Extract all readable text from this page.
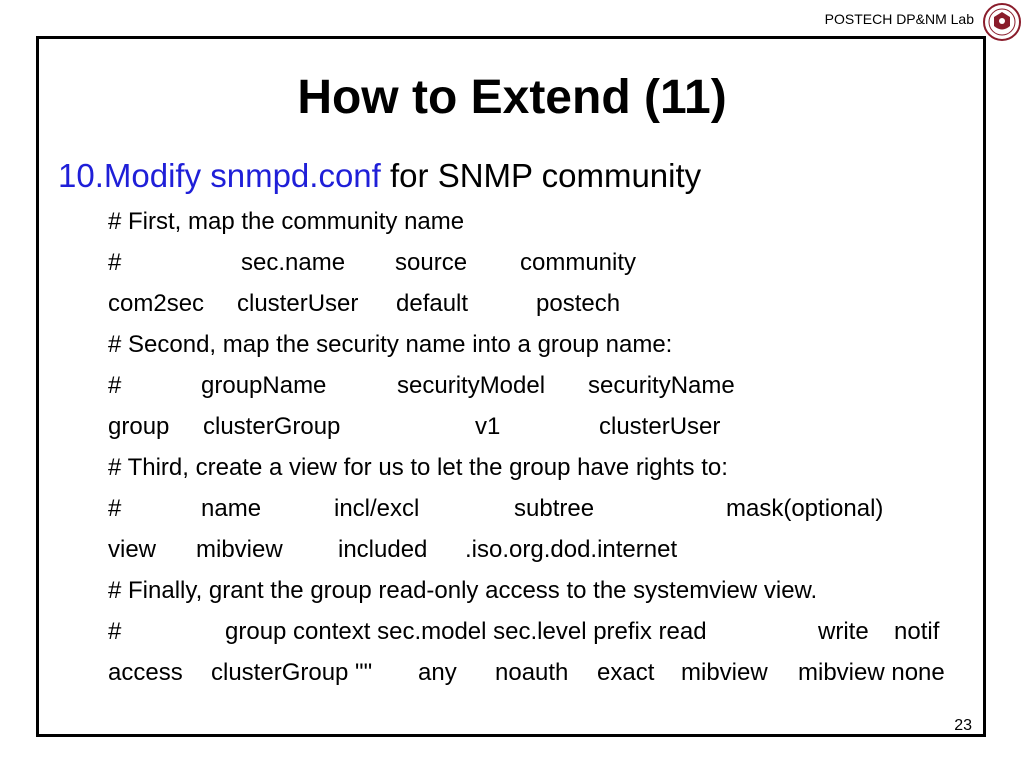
POSTECH DP&NM Lab
How to Extend (11)
10.Modify snmpd.conf for SNMP community
# First, map the community name
#	sec.name source community
com2sec clusterUser default	postech
# Second, map the security name into a group name:
#	groupName	securityModel securityName
group clusterGroup	v1	clusterUser
# Third, create a view for us to let the group have rights to:
#	name	incl/excl	subtree	mask(optional)
view mibview included .iso.org.dod.internet
# Finally, grant the group read-only access to the systemview view.
#	group context sec.model sec.level prefix read	write notif
access clusterGroup "" any noauth exact mibview mibview none
23
